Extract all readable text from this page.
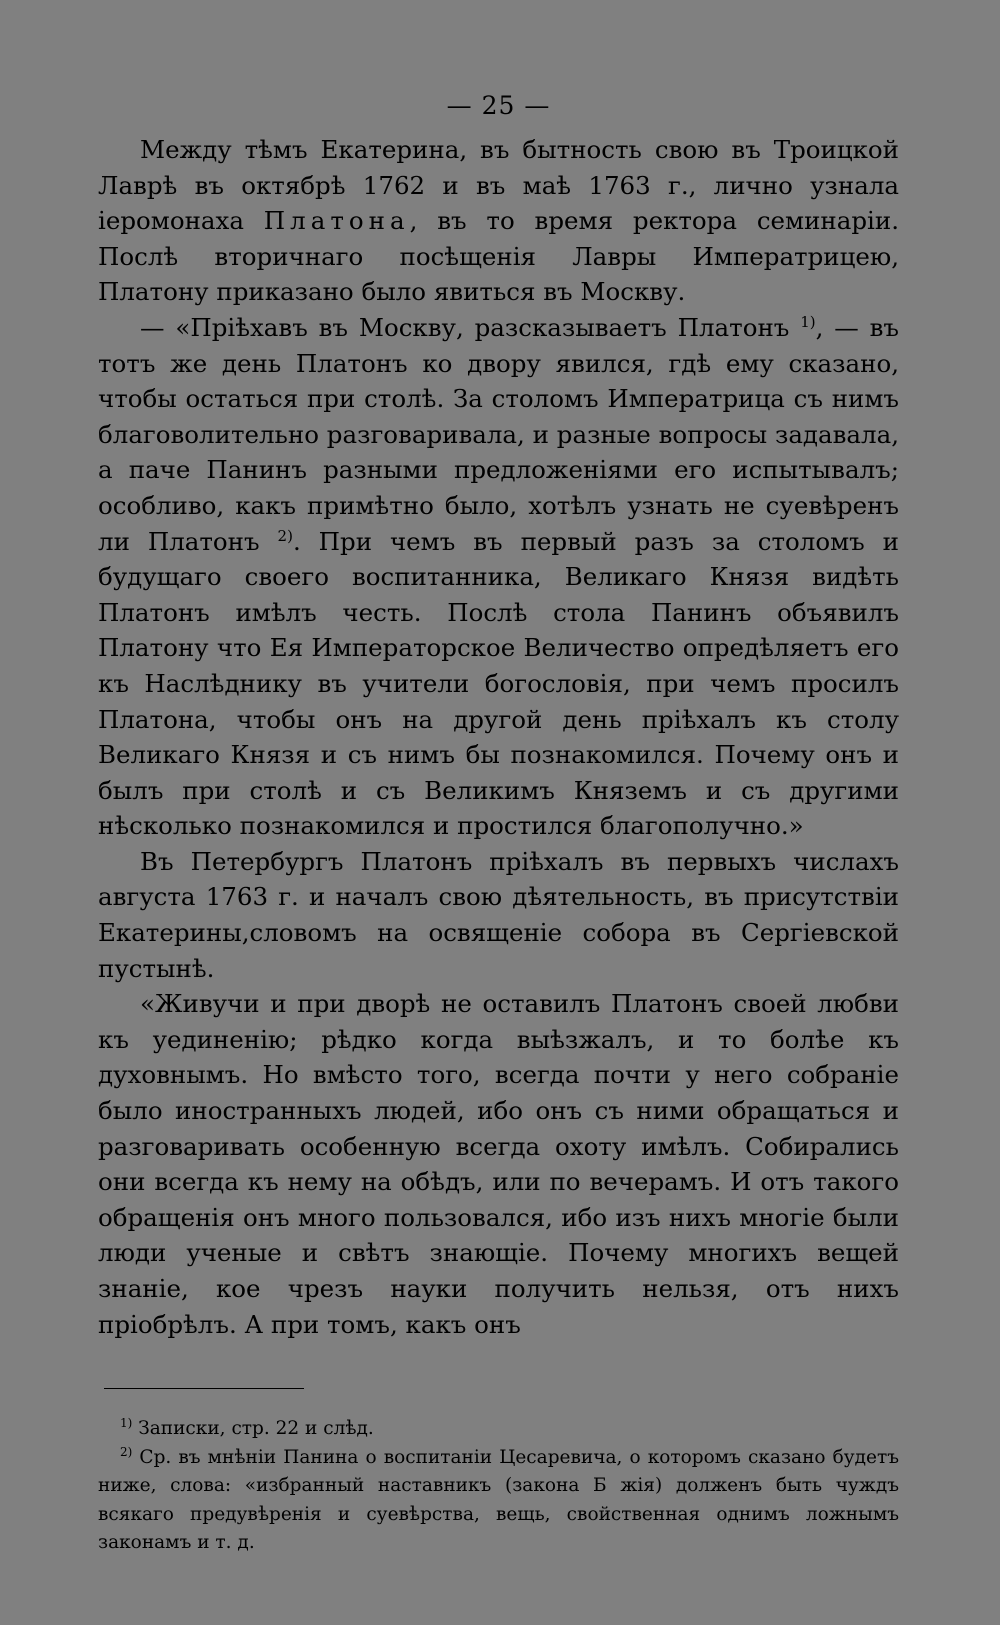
— 25 —

Между тѣмъ Екатерина, въ бытность свою въ Троицкой Лаврѣ въ октябрѣ 1762 и въ маѣ 1763 г., лично узнала іеромонаха Платона, въ то время ректора семинаріи. Послѣ вторичнаго посѣщенія Лавры Императрицею, Платону приказано было явиться въ Москву.

— «Пріѣхавъ въ Москву, разсказываетъ Платонъ $^{1)}$, — въ тотъ же день Платонъ ко двору явился, гдѣ ему сказано, чтобы остаться при столѣ. За столомъ Императрица съ нимъ благоволительно разговаривала, и разные вопросы задавала, а паче Панинъ разными предложеніями его испытывалъ; особливо, какъ примѣтно было, хотѣлъ узнать не суевѣренъ ли Платонъ $^{2)}$. При чемъ въ первый разъ за столомъ и будущаго своего воспитанника, Великаго Князя видѣть Платонъ имѣлъ честь. Послѣ стола Панинъ объявилъ Платону что Ея Императорское Величество опредѣляетъ его къ Наслѣднику въ учители богословія, при чемъ просилъ Платона, чтобы онъ на другой день пріѣхалъ къ столу Великаго Князя и съ нимъ бы познакомился. Почему онъ и былъ при столѣ и съ Великимъ Княземъ и съ другими нѣсколько познакомился и простился благополучно.»

Въ Петербургъ Платонъ пріѣхалъ въ первыхъ числахъ августа 1763 г. и началъ свою дѣятельность, въ присутствіи Екатерины,словомъ на освященіе собора въ Сергіевской пустынѣ.

«Живучи и при дворѣ не оставилъ Платонъ своей любви къ уединенію; рѣдко когда выѣзжалъ, и то болѣе къ духовнымъ. Но вмѣсто того, всегда почти у него собраніе было иностранныхъ людей, ибо онъ съ ними обращаться и разговаривать особенную всегда охоту имѣлъ. Собирались они всегда къ нему на обѣдъ, или по вечерамъ. И отъ такого обращенія онъ много пользовался, ибо изъ нихъ многіе были люди ученые и свѣтъ знающіе. Почему многихъ вещей знаніе, кое чрезъ науки получить нельзя, отъ нихъ пріобрѣлъ. А при томъ, какъ онъ

$^{1)}$ Записки, стр. 22 и слѣд.

$^{2)}$ Ср. въ мнѣніи Панина о воспитаніи Цесаревича, о которомъ сказано будетъ ниже, слова: «избранный наставникъ (закона Б жія) долженъ быть чуждъ всякаго предувѣренія и суевѣрства, вещь, свойственная однимъ ложнымъ законамъ и т. д.
